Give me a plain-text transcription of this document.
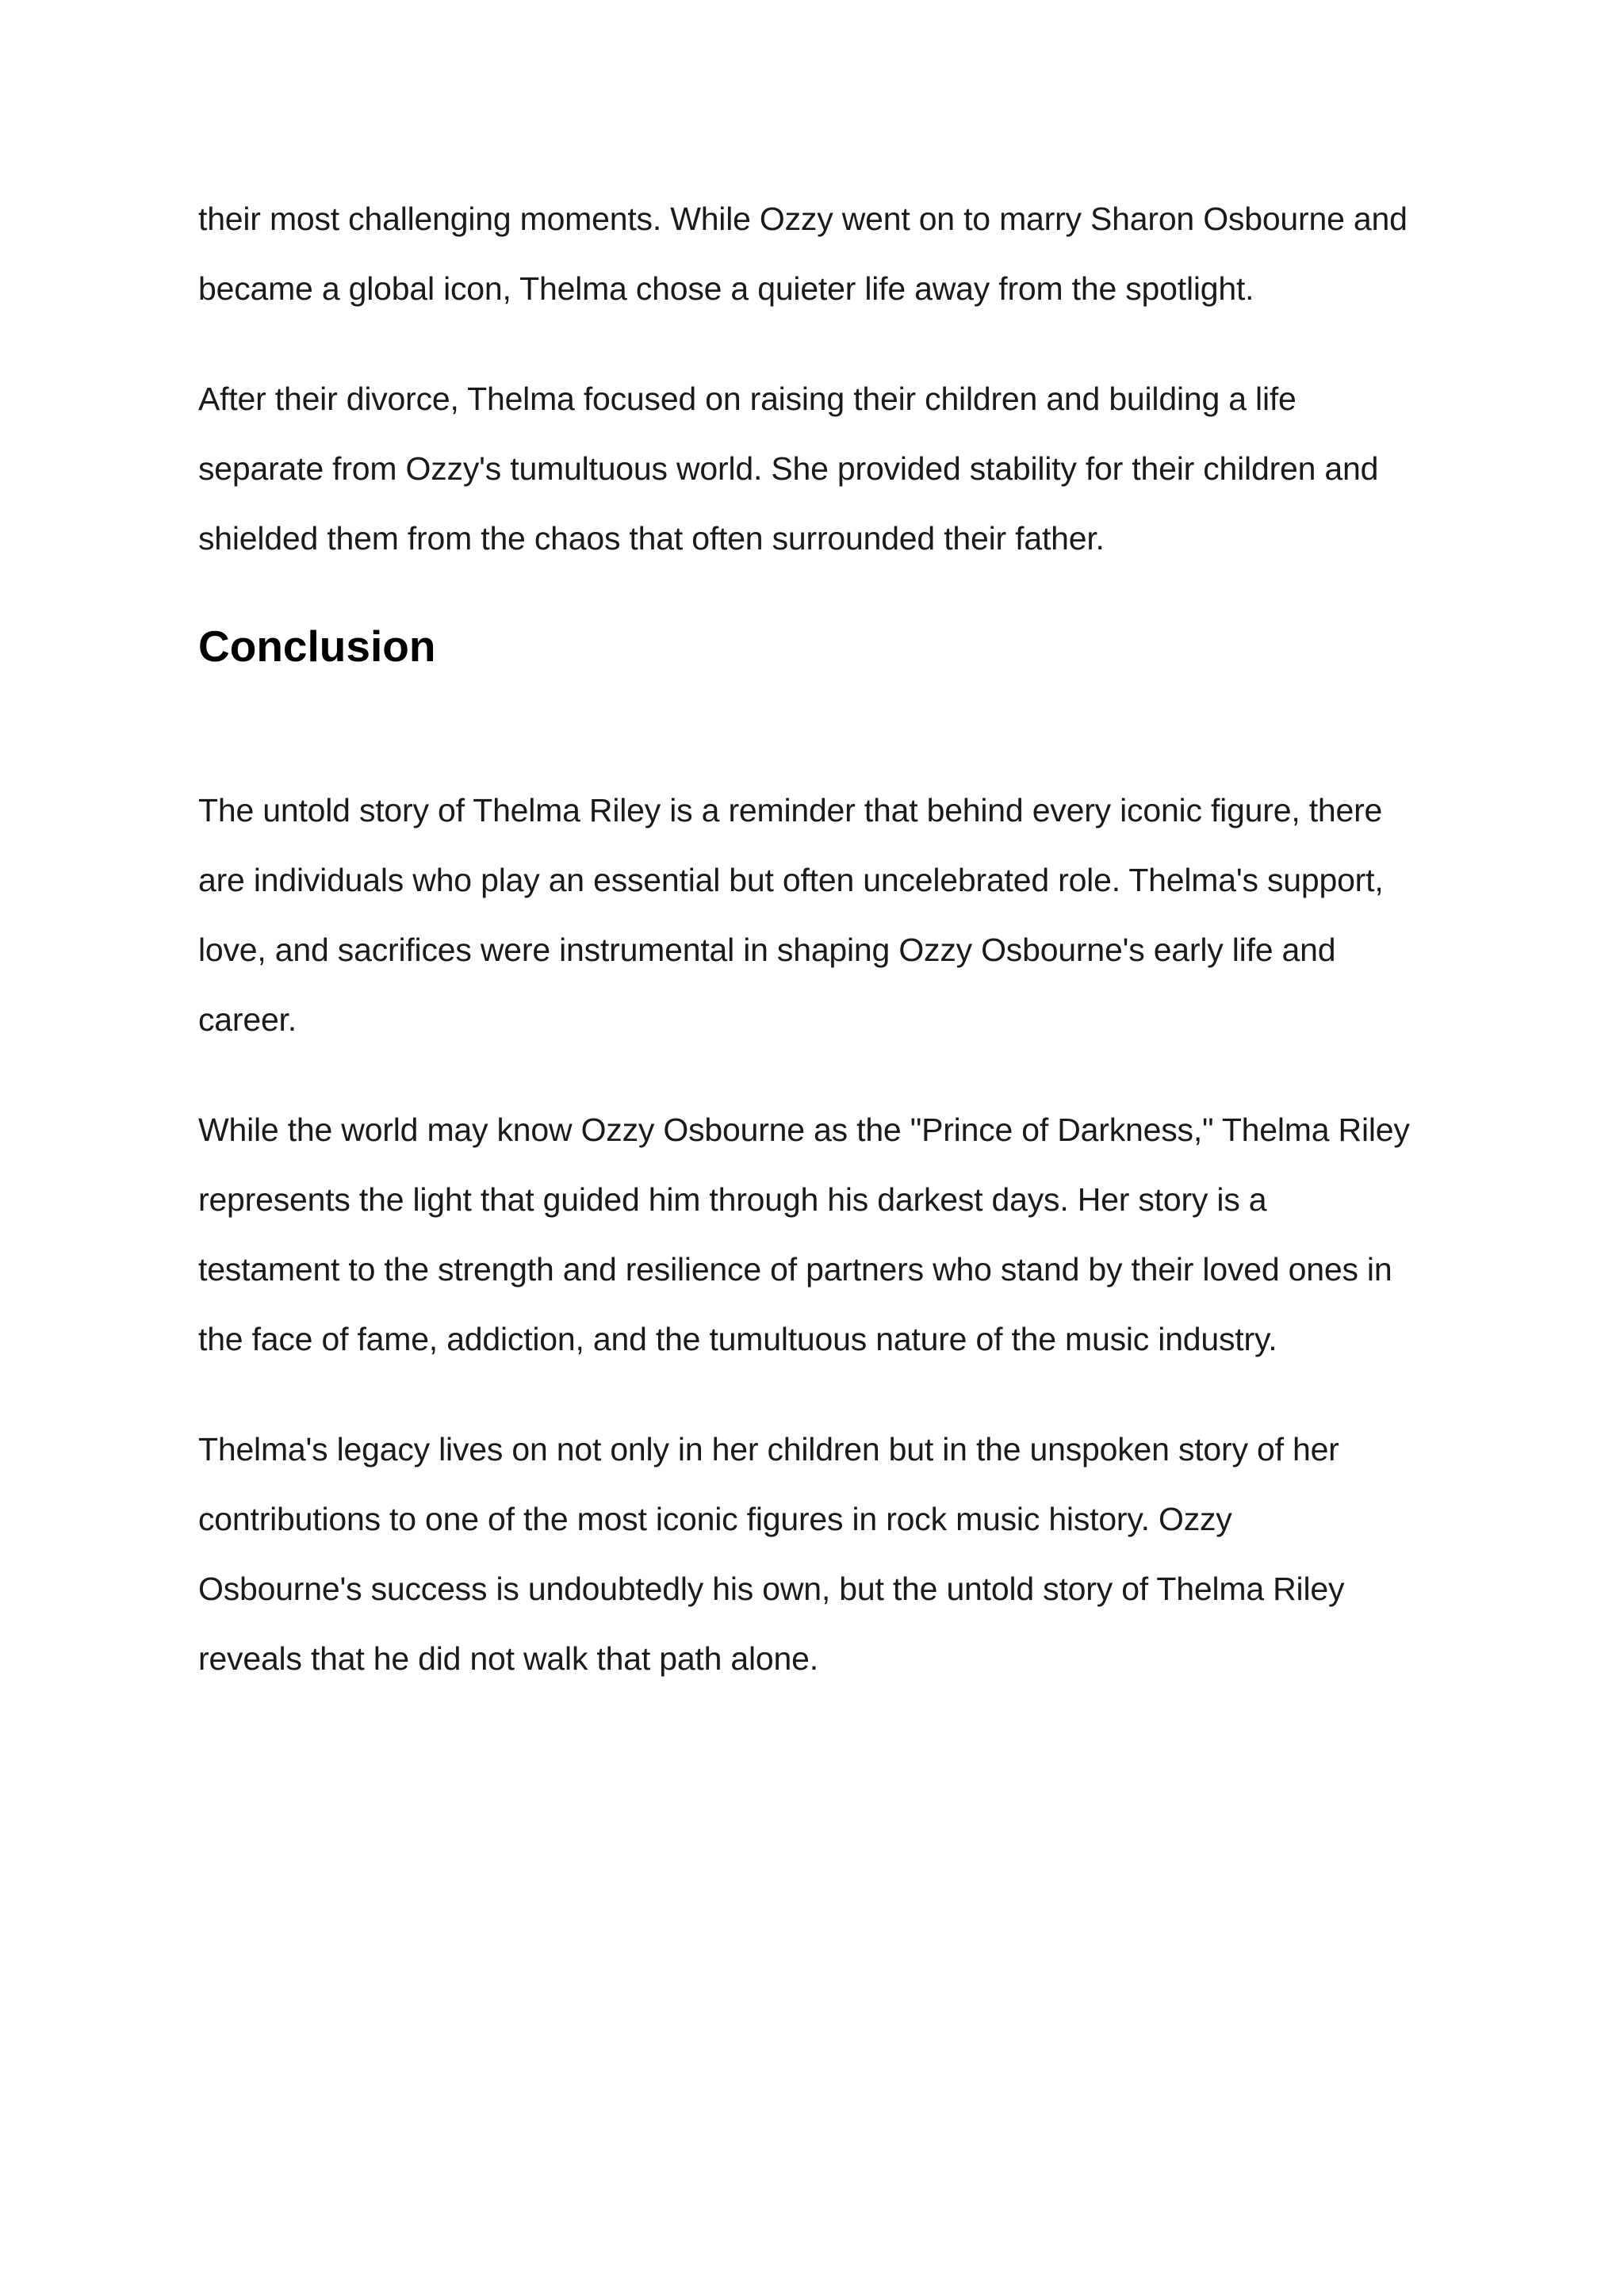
their most challenging moments. While Ozzy went on to marry Sharon Osbourne and
became a global icon, Thelma chose a quieter life away from the spotlight.

After their divorce, Thelma focused on raising their children and building a life
separate from Ozzy's tumultuous world. She provided stability for their children and
shielded them from the chaos that often surrounded their father.

Conclusion

The untold story of Thelma Riley is a reminder that behind every iconic figure, there
are individuals who play an essential but often uncelebrated role. Thelma's support,
love, and sacrifices were instrumental in shaping Ozzy Osbourne's early life and
career.

While the world may know Ozzy Osbourne as the "Prince of Darkness," Thelma Riley
represents the light that guided him through his darkest days. Her story is a
testament to the strength and resilience of partners who stand by their loved ones in
the face of fame, addiction, and the tumultuous nature of the music industry.

Thelma's legacy lives on not only in her children but in the unspoken story of her
contributions to one of the most iconic figures in rock music history. Ozzy
Osbourne's success is undoubtedly his own, but the untold story of Thelma Riley
reveals that he did not walk that path alone.
